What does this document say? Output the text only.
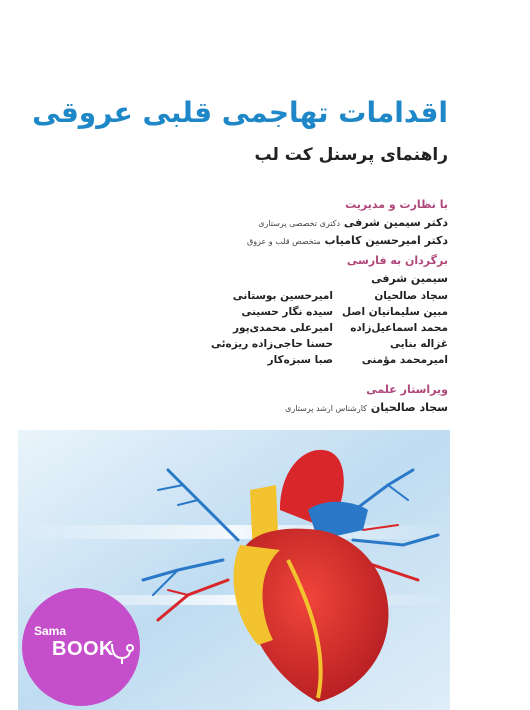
اقدامات تهاجمی قلبی عروقی
راهنمای پرسنل کت لب
با نظارت و مدیریت
دکتر سیمین شرفی دکتری تخصصی پرستاری
دکتر امیرحسین کامیاب متخصص قلب و عروق
برگردان به فارسی
سیمین شرفی
سجاد صالحیان
امیرحسین بوستانی
مبین سلیمانیان اصل
سیده نگار حسینی
محمد اسماعیل‌زاده
امیرعلی محمدی‌پور
غزاله بنایی
حسنا حاجی‌زاده ریزه‌ئی
امیرمحمد مؤمنی
صبا سبزه‌کار
ویراستار علمی
سجاد صالحیان کارشناس ارشد پرستاری
Sama
BOOK
